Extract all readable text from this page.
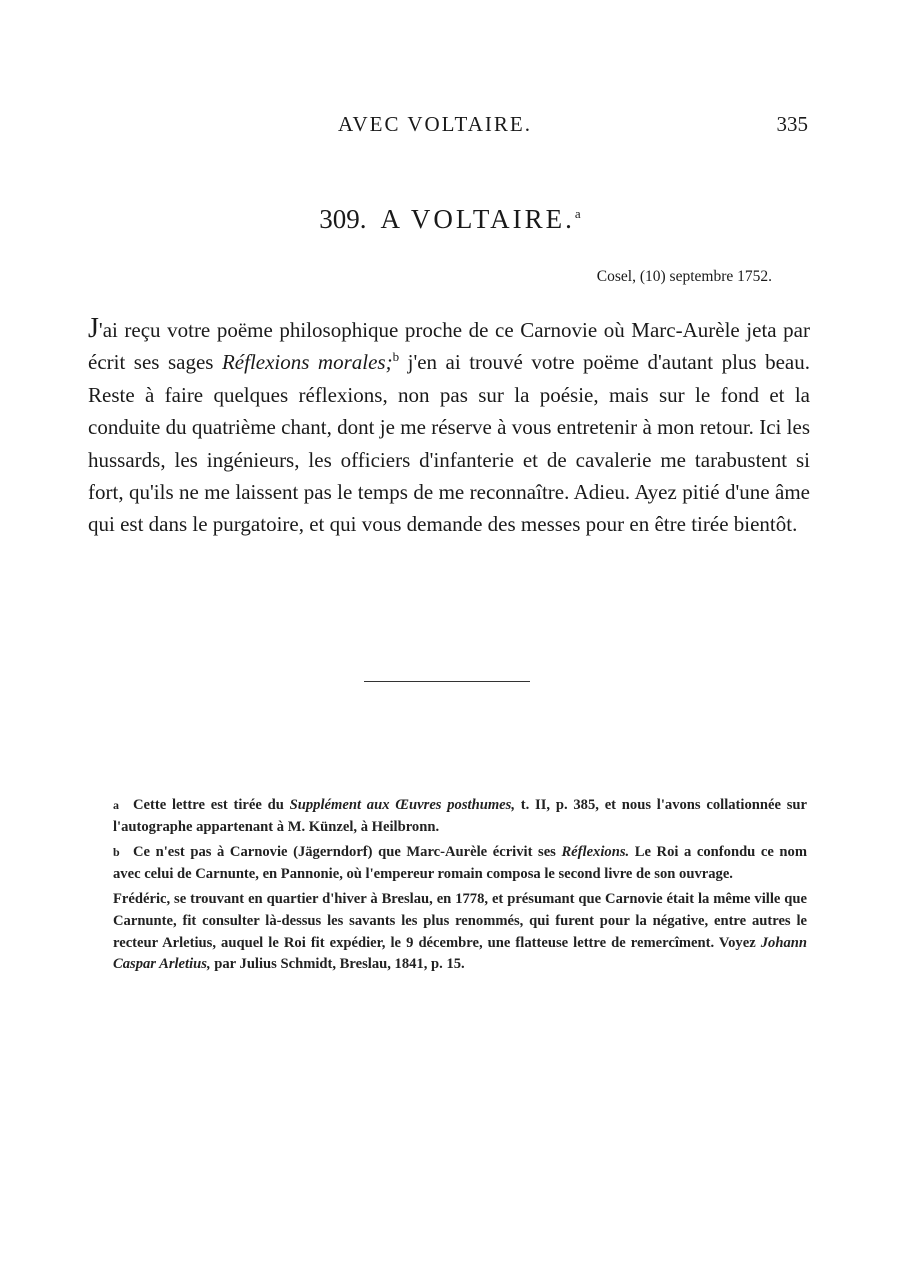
AVEC VOLTAIRE.	335
309. A VOLTAIRE.$^a$
Cosel, (10) septembre 1752.

J'ai reçu votre poëme philosophique proche de ce Carnovie où Marc-Aurèle jeta par écrit ses sages Réflexions morales;$^b$ j'en ai trouvé votre poëme d'autant plus beau. Reste à faire quelques réflexions, non pas sur la poésie, mais sur le fond et la conduite du quatrième chant, dont je me réserve à vous entretenir à mon retour. Ici les hussards, les ingénieurs, les officiers d'infanterie et de cavalerie me tarabustent si fort, qu'ils ne me laissent pas le temps de me reconnaître. Adieu. Ayez pitié d'une âme qui est dans le purgatoire, et qui vous demande des messes pour en être tirée bientôt.

a Cette lettre est tirée du Supplément aux Œuvres posthumes, t. II, p. 385, et nous l'avons collationnée sur l'autographe appartenant à M. Künzel, à Heilbronn.

b Ce n'est pas à Carnovie (Jägerndorf) que Marc-Aurèle écrivit ses Réflexions. Le Roi a confondu ce nom avec celui de Carnunte, en Pannonie, où l'empereur romain composa le second livre de son ouvrage.

Frédéric, se trouvant en quartier d'hiver à Breslau, en 1778, et présumant que Carnovie était la même ville que Carnunte, fit consulter là-dessus les savants les plus renommés, qui furent pour la négative, entre autres le recteur Arletius, auquel le Roi fit expédier, le 9 décembre, une flatteuse lettre de remercîment. Voyez Johann Caspar Arletius, par Julius Schmidt, Breslau, 1841, p. 15.
